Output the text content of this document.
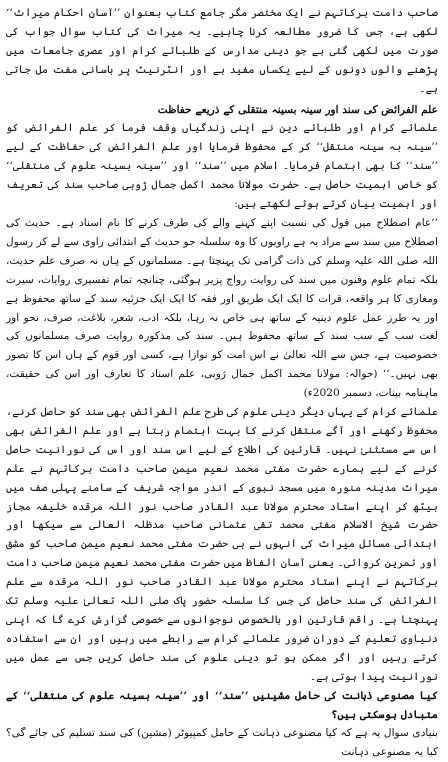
صاحب دامت برکاتہم نے ایک مختصر مگر جامع کتاب بعنوان ’’آسان احکام میراث‘‘ لکھی ہے، جس کا ضرور مطالعہ کرنا چاہیے۔ یہ میراث کی کتاب سوال جواب کی صورت میں لکھی گئی ہے جو دینی مدارس کے طلبائے کرام اور عصری جامعات میں پڑھنے والوں دونوں کے لیے یکساں مفید ہے اور انٹرنیٹ پر باسانی مفت مل جاتی ہے۔

علم الفرائض کی سند اور سینہ بسینہ منتقلی کے ذریعے حفاظت

علمائے کرام اور طلبائے دین نے اپنی زندگیاں وقف فرما کر علم الفرائض کو ’’سینہ بہ سینہ منتقل‘‘ کر کے محفوظ فرمایا اور علم الفرائض کی حفاظت کے لیے ’’سند‘‘ کا بھی اہتمام فرمایا۔ اسلام میں ’’سند‘‘ اور ’’سینہ بسینہ علوم کی منتقلی‘‘ کو خاص اہمیت حاصل ہے۔ حضرت مولانا محمد اکمل جمال ژوبی صاحب سند کی تعریف اور اہمیت بیان کرتے ہوئے لکھتے ہیں:

’’عام اصطلاح میں قول کی نسبت اپنے کہنے والے کی طرف کرنے کا نام اسناد ہے۔ حدیث کی اصطلاح میں سند سے مراد یہ ہے راویوں کا وہ سلسلہ جو حدیث کے ابتدائی راوی سے لے کر رسول اللہ صلی اللہ علیہ وسلم کی ذات گرامی تک پہنچتا ہے۔ مسلمانوں کے ہاں نہ صرف علم حدیث، بلکہ تمام علوم وفنون میں سند کی روایت رواج پزیر ہوگئی، چنانچہ تمام تفسیری روایات، سیرت ومغازی کا ہر واقعہ، قرات کا ایک ایک طریق اور فقہ کا ایک ایک جزئیہ سند کے ساتھ محفوظ ہے اور یہ طرز عمل علوم دینیہ کے ساتھ ہی خاص نہ رہا، بلکہ ادب، شعر، بلاغت، صرف، نحو اور لغت سب کے سب سند کے ساتھ محفوظ ہیں۔ سند کی مذکورہ روایت صرف مسلمانوں کی خصوصیت ہے، جس سے اللہ تعالیٰ نے اس امت کو نوازا ہے، کسی اور قوم کے ہاں اس کا تصور بھی نہیں۔‘‘ (حوالہ: مولانا محمد اکمل جمال ژوبی، علم اسناد کا تعارف اور اس کی حقیقت، ماہنامہ بینات، دسمبر 2020ء)

علمائے کرام کے یہاں دیگر دینی علوم کی طرح علم الفرائض بھی سند کو حاصل کرنے، محفوظ رکھنے اور آگے منتقل کرنے کا بہت اہتمام رہتا ہے اور علم الفرائض بھی اس سے مستثنیٰ نہیں۔ قارئین کی اطلاع کے لیے اس سند اور اس کی نورانیت حاصل کرنے کے لیے ہمارے حضرت مفتی محمد نعیم میمن صاحب دامت برکاتہم نے علم میراث مدینہ منورہ میں مسجد نبوی کے اندر مواجہ شریف کے سامنے پہلی صف میں بیٹھ کر اپنے استاد محترم مولانا عبد القادر صاحب نور اللہ مرقدہ خلیفہ مجاز حضرت شیخ الاسلام مفتی محمد تقی عثمانی صاحب مدظلہ العالی سے سیکھا اور ابتدائی مسائل میراث کی انہوں نے ہی حضرت مفتی محمد نعیم میمن صاحب کو مشق اور تمرین کروائی۔ یعنی آسان الفاظ میں حضرت مفتی محمد نعیم میمن صاحب دامت برکاتہم نے اپنے استاد محترم مولانا عبد القادر صاحب نور اللہ مرقدہ سے علم الفرائض کی سند حاصل کی جس کا سلسلہ حضور پاک صلی اللہ تعالیٰ علیہ وسلم تک پہنچتا ہے۔ راقم قارئین اور بالخصوص نوجوانوں سے خصوصی گزارش کرے گا کہ اپنی دنیاوی تعلیم کے دوران ضرور علمائے کرام سے رابطے میں رہیں اور ان سے استفادہ کرتے رہیں اور اگر ممکن ہو تو دینی علوم کی سند حاصل کریں جس سے عمل میں نورانیت پیدا ہوتی ہے۔

کیا مصنوعی ذہانت کی حامل مشینیں ’’سند‘‘ اور ’’سینہ بسینہ علوم کی منتقلی‘‘ کے متبادل ہوسکتی ہیں؟

بنیادی سوال یہ ہے کہ کیا مصنوعی ذہانت کے حامل کمپیوٹر (مشین) کی سند تسلیم کی جائے گی؟ کیا یہ مصنوعی ذہانت
